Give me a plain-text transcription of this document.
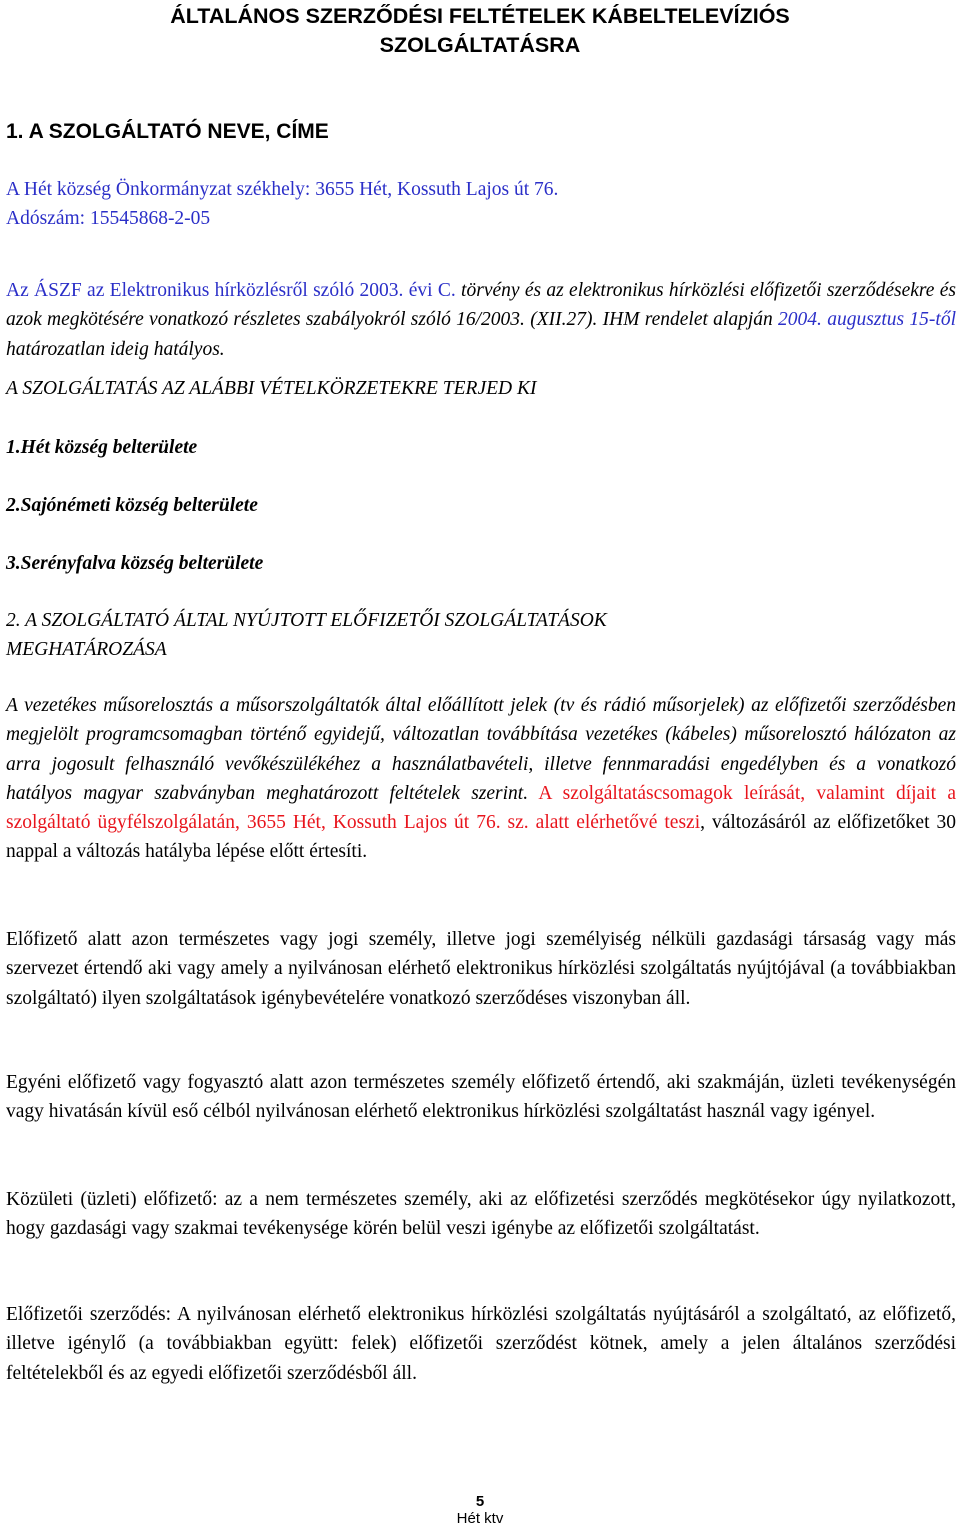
ÁLTALÁNOS SZERZŐDÉSI FELTÉTELEK KÁBELTELEVÍZIÓS
SZOLGÁLTATÁSRA
1. A SZOLGÁLTATÓ NEVE, CÍME
A Hét község Önkormányzat székhely: 3655 Hét, Kossuth Lajos út 76.
Adószám: 15545868-2-05
Az ÁSZF az Elektronikus hírközlésről szóló 2003. évi C. törvény és az elektronikus hírközlési előfizetői szerződésekre és azok megkötésére vonatkozó részletes szabályokról szóló 16/2003. (XII.27). IHM rendelet alapján 2004. augusztus 15-től határozatlan ideig hatályos.
A SZOLGÁLTATÁS AZ ALÁBBI VÉTELKÖRZETEKRE TERJED KI
1.Hét község belterülete
2.Sajónémeti község belterülete
3.Serényfalva község belterülete
2. A SZOLGÁLTATÓ ÁLTAL NYÚJTOTT ELŐFIZETŐI SZOLGÁLTATÁSOK
MEGHATÁROZÁSA
A vezetékes műsorelosztás a műsorszolgáltatók által előállított jelek (tv és rádió műsorjelek) az előfizetői szerződésben megjelölt programcsomagban történő egyidejű, változatlan továbbítása vezetékes (kábeles) műsorelosztó hálózaton az arra jogosult felhasználó vevőkészülékéhez a használatbavételi, illetve fennmaradási engedélyben és a vonatkozó hatályos magyar szabványban meghatározott feltételek szerint. A szolgáltatáscsomagok leírását, valamint díjait a szolgáltató ügyfélszolgálatán, 3655 Hét, Kossuth Lajos út 76. sz. alatt elérhetővé teszi, változásáról az előfizetőket 30 nappal a változás hatályba lépése előtt értesíti.
Előfizető alatt azon természetes vagy jogi személy, illetve jogi személyiség nélküli gazdasági társaság vagy más szervezet értendő aki vagy amely a nyilvánosan elérhető elektronikus hírközlési szolgáltatás nyújtójával (a továbbiakban szolgáltató) ilyen szolgáltatások igénybevételére vonatkozó szerződéses viszonyban áll.
Egyéni előfizető vagy fogyasztó alatt azon természetes személy előfizető értendő, aki szakmáján, üzleti tevékenységén vagy hivatásán kívül eső célból nyilvánosan elérhető elektronikus hírközlési szolgáltatást használ vagy igényel.
Közületi (üzleti) előfizető: az a nem természetes személy, aki az előfizetési szerződés megkötésekor úgy nyilatkozott, hogy gazdasági vagy szakmai tevékenysége körén belül veszi igénybe az előfizetői szolgáltatást.
Előfizetői szerződés: A nyilvánosan elérhető elektronikus hírközlési szolgáltatás nyújtásáról a szolgáltató, az előfizető, illetve igénylő (a továbbiakban együtt: felek) előfizetői szerződést kötnek, amely a jelen általános szerződési feltételekből és az egyedi előfizetői szerződésből áll.
5
Hét ktv
